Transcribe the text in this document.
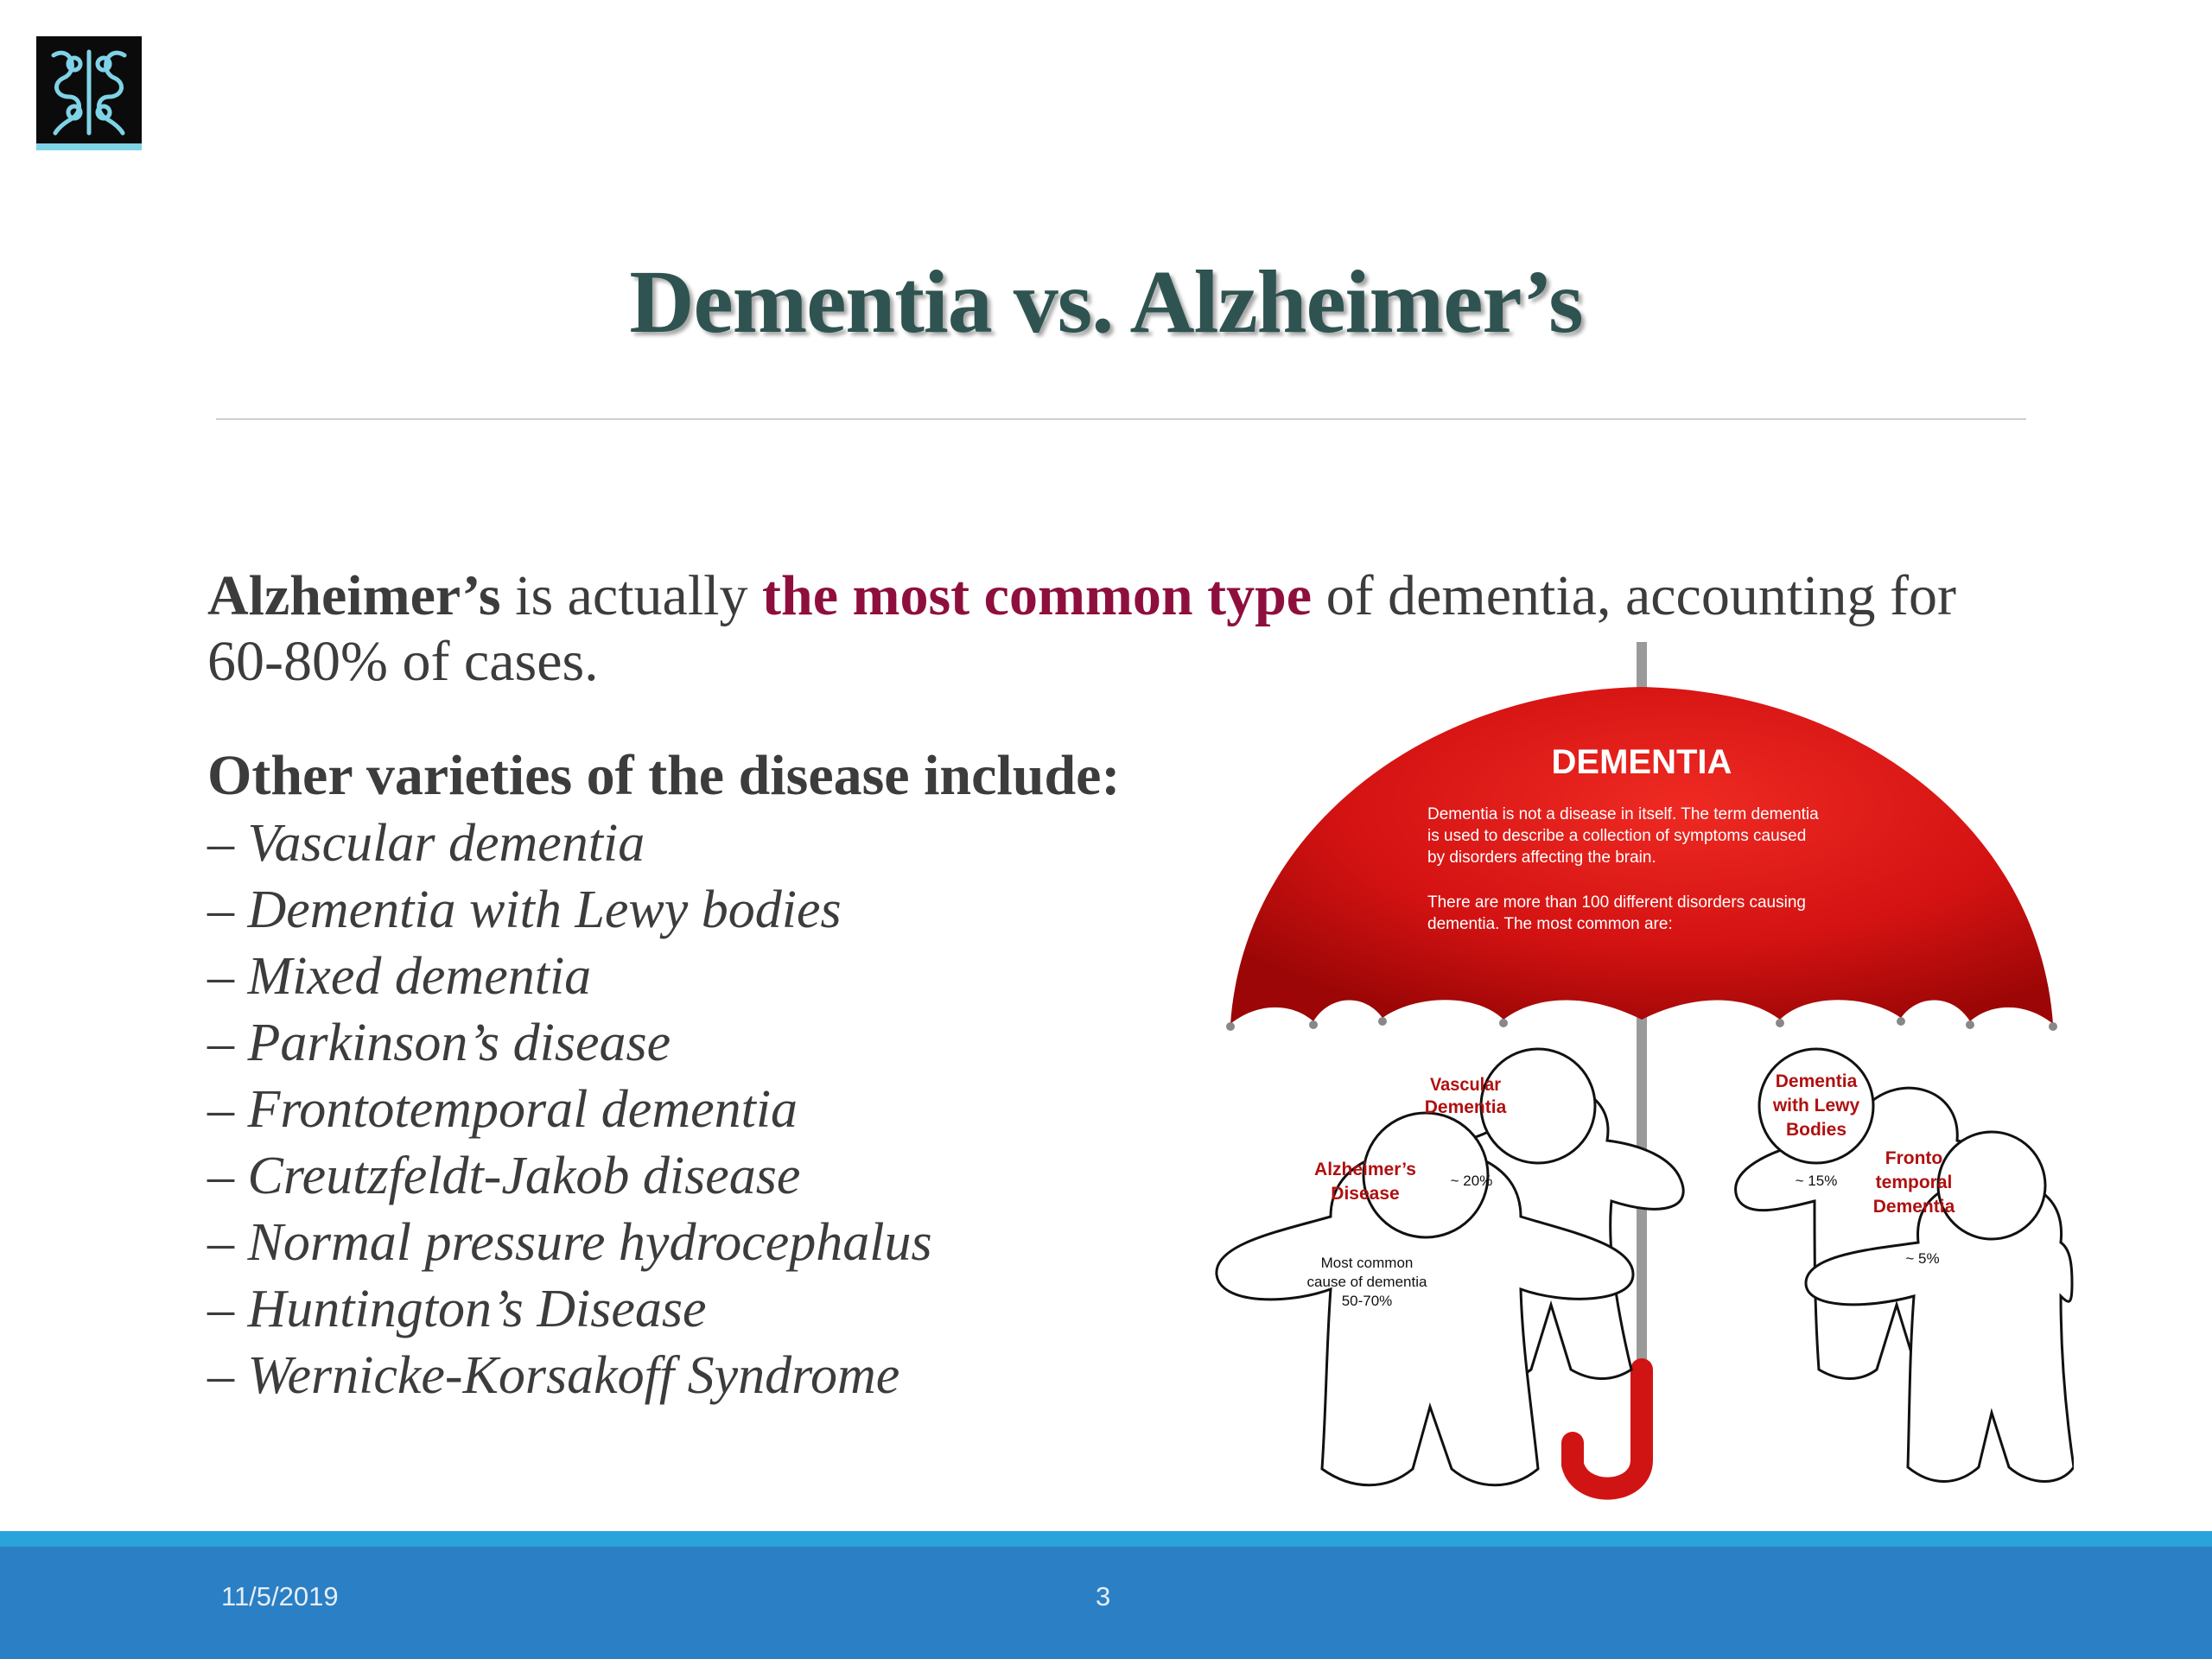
Dementia vs. Alzheimer’s

Alzheimer’s is actually the most common type of dementia, accounting for 60-80% of cases.

Other varieties of the disease include:

– Vascular dementia
– Dementia with Lewy bodies
– Mixed dementia
– Parkinson’s disease
– Frontotemporal dementia
– Creutzfeldt-Jakob disease
– Normal pressure hydrocephalus
– Huntington’s Disease
– Wernicke-Korsakoff Syndrome
DEMENTIA
Dementia is not a disease in itself. The term dementia
is used to describe a collection of symptoms caused
by disorders affecting the brain.
There are more than 100 different disorders causing
dementia. The most common are:
Vascular
Dementia
Alzheimer’s
Disease
Dementia
with Lewy
Bodies
Fronto
temporal
Dementia
~ 20%	~ 15%
~ 5%
Most common
cause of dementia
50-70%
11/5/2019	3
